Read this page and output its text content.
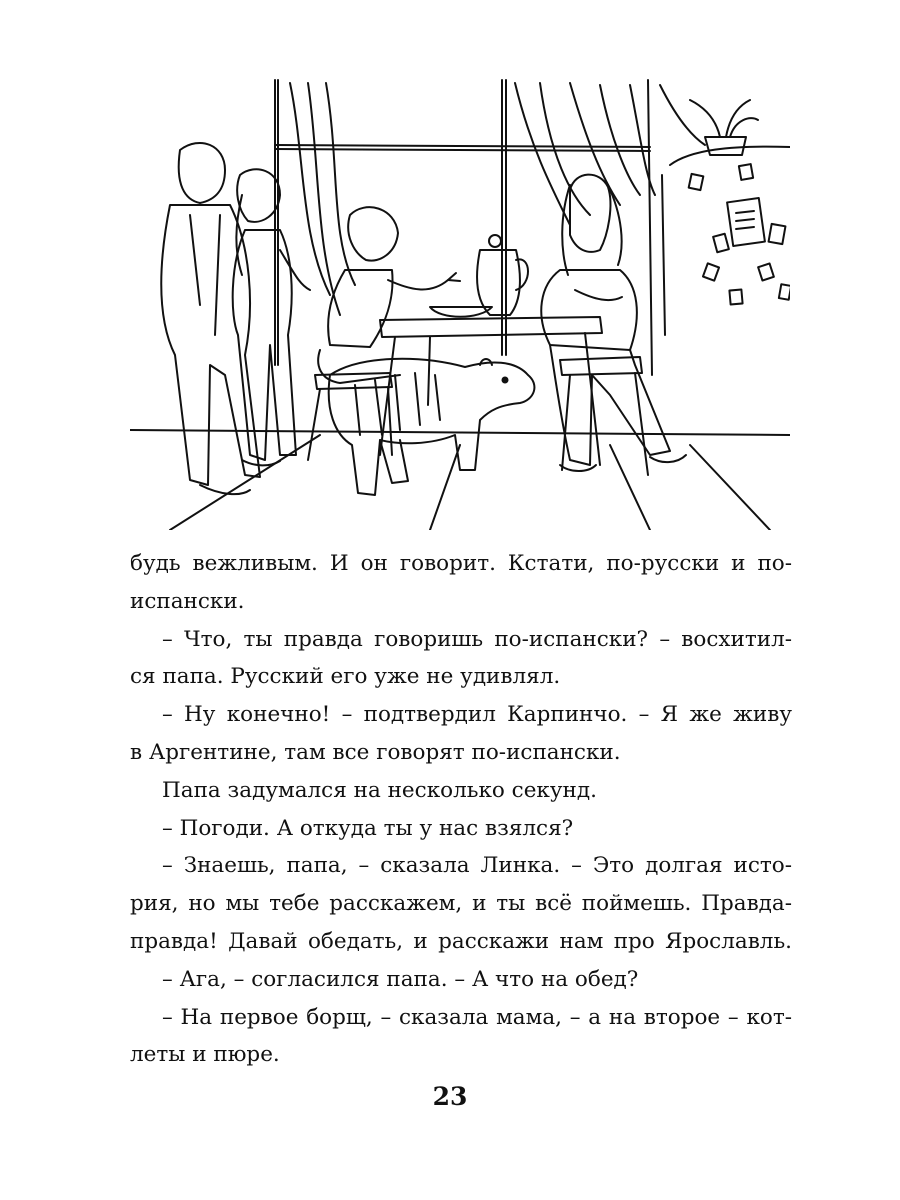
будь вежливым. И он говорит. Кстати, по-русски и по-
испански.
– Что, ты правда говоришь по-испански? – восхитил-
ся папа. Русский его уже не удивлял.
– Ну конечно! – подтвердил Карпинчо. – Я же живу
в Аргентине, там все говорят по-испански.
Папа задумался на несколько секунд.
– Погоди. А откуда ты у нас взялся?
– Знаешь, папа, – сказала Линка. – Это долгая исто-
рия, но мы тебе расскажем, и ты всё поймешь. Правда-
правда! Давай обедать, и расскажи нам про Ярославль.
– Ага, – согласился папа. – А что на обед?
– На первое борщ, – сказала мама, – а на второе – кот-
леты и пюре.
23
